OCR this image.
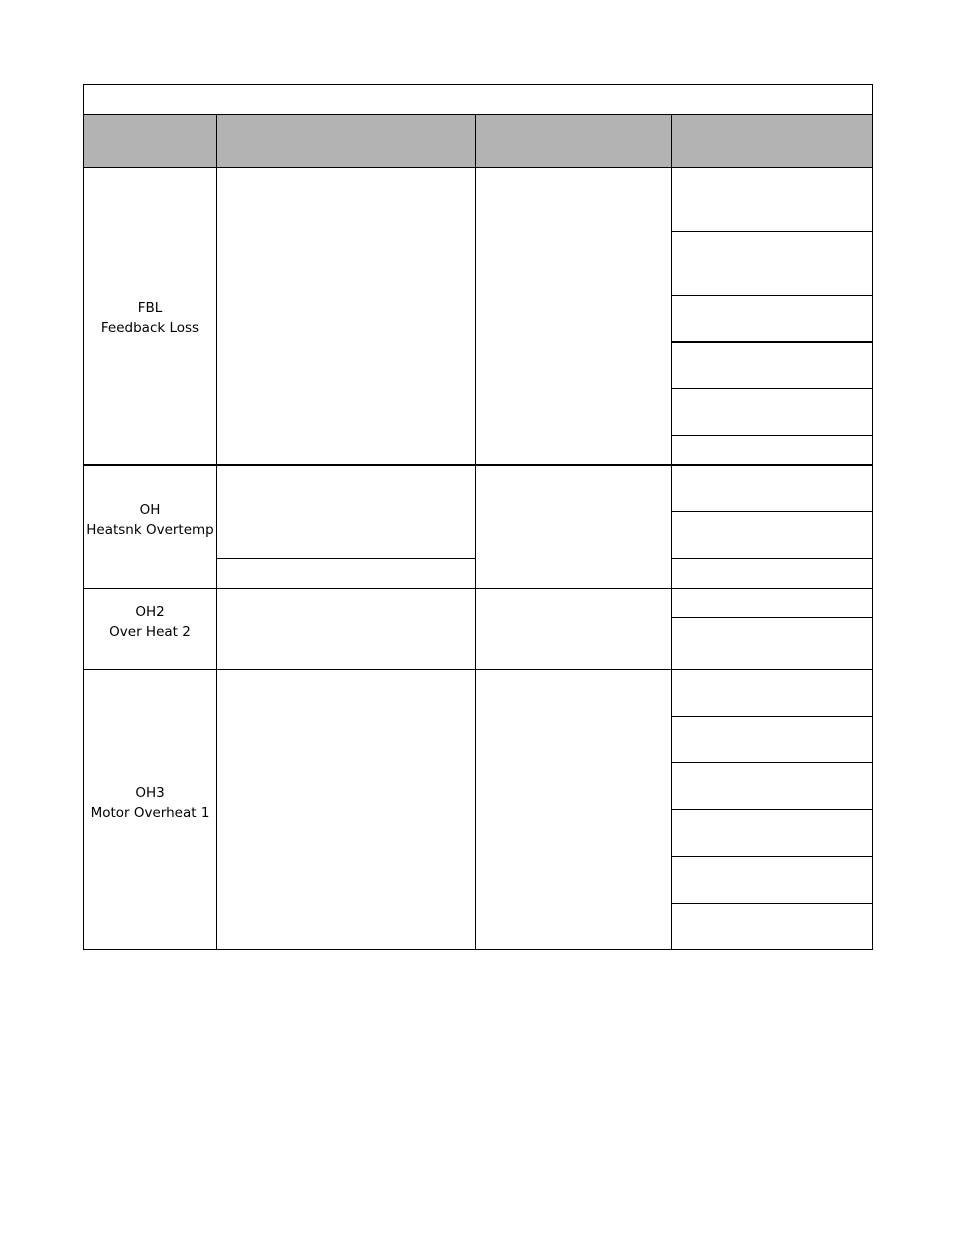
FBL
Feedback Loss
OH
Heatsnk Overtemp
OH2
Over Heat 2
OH3
Motor Overheat 1
